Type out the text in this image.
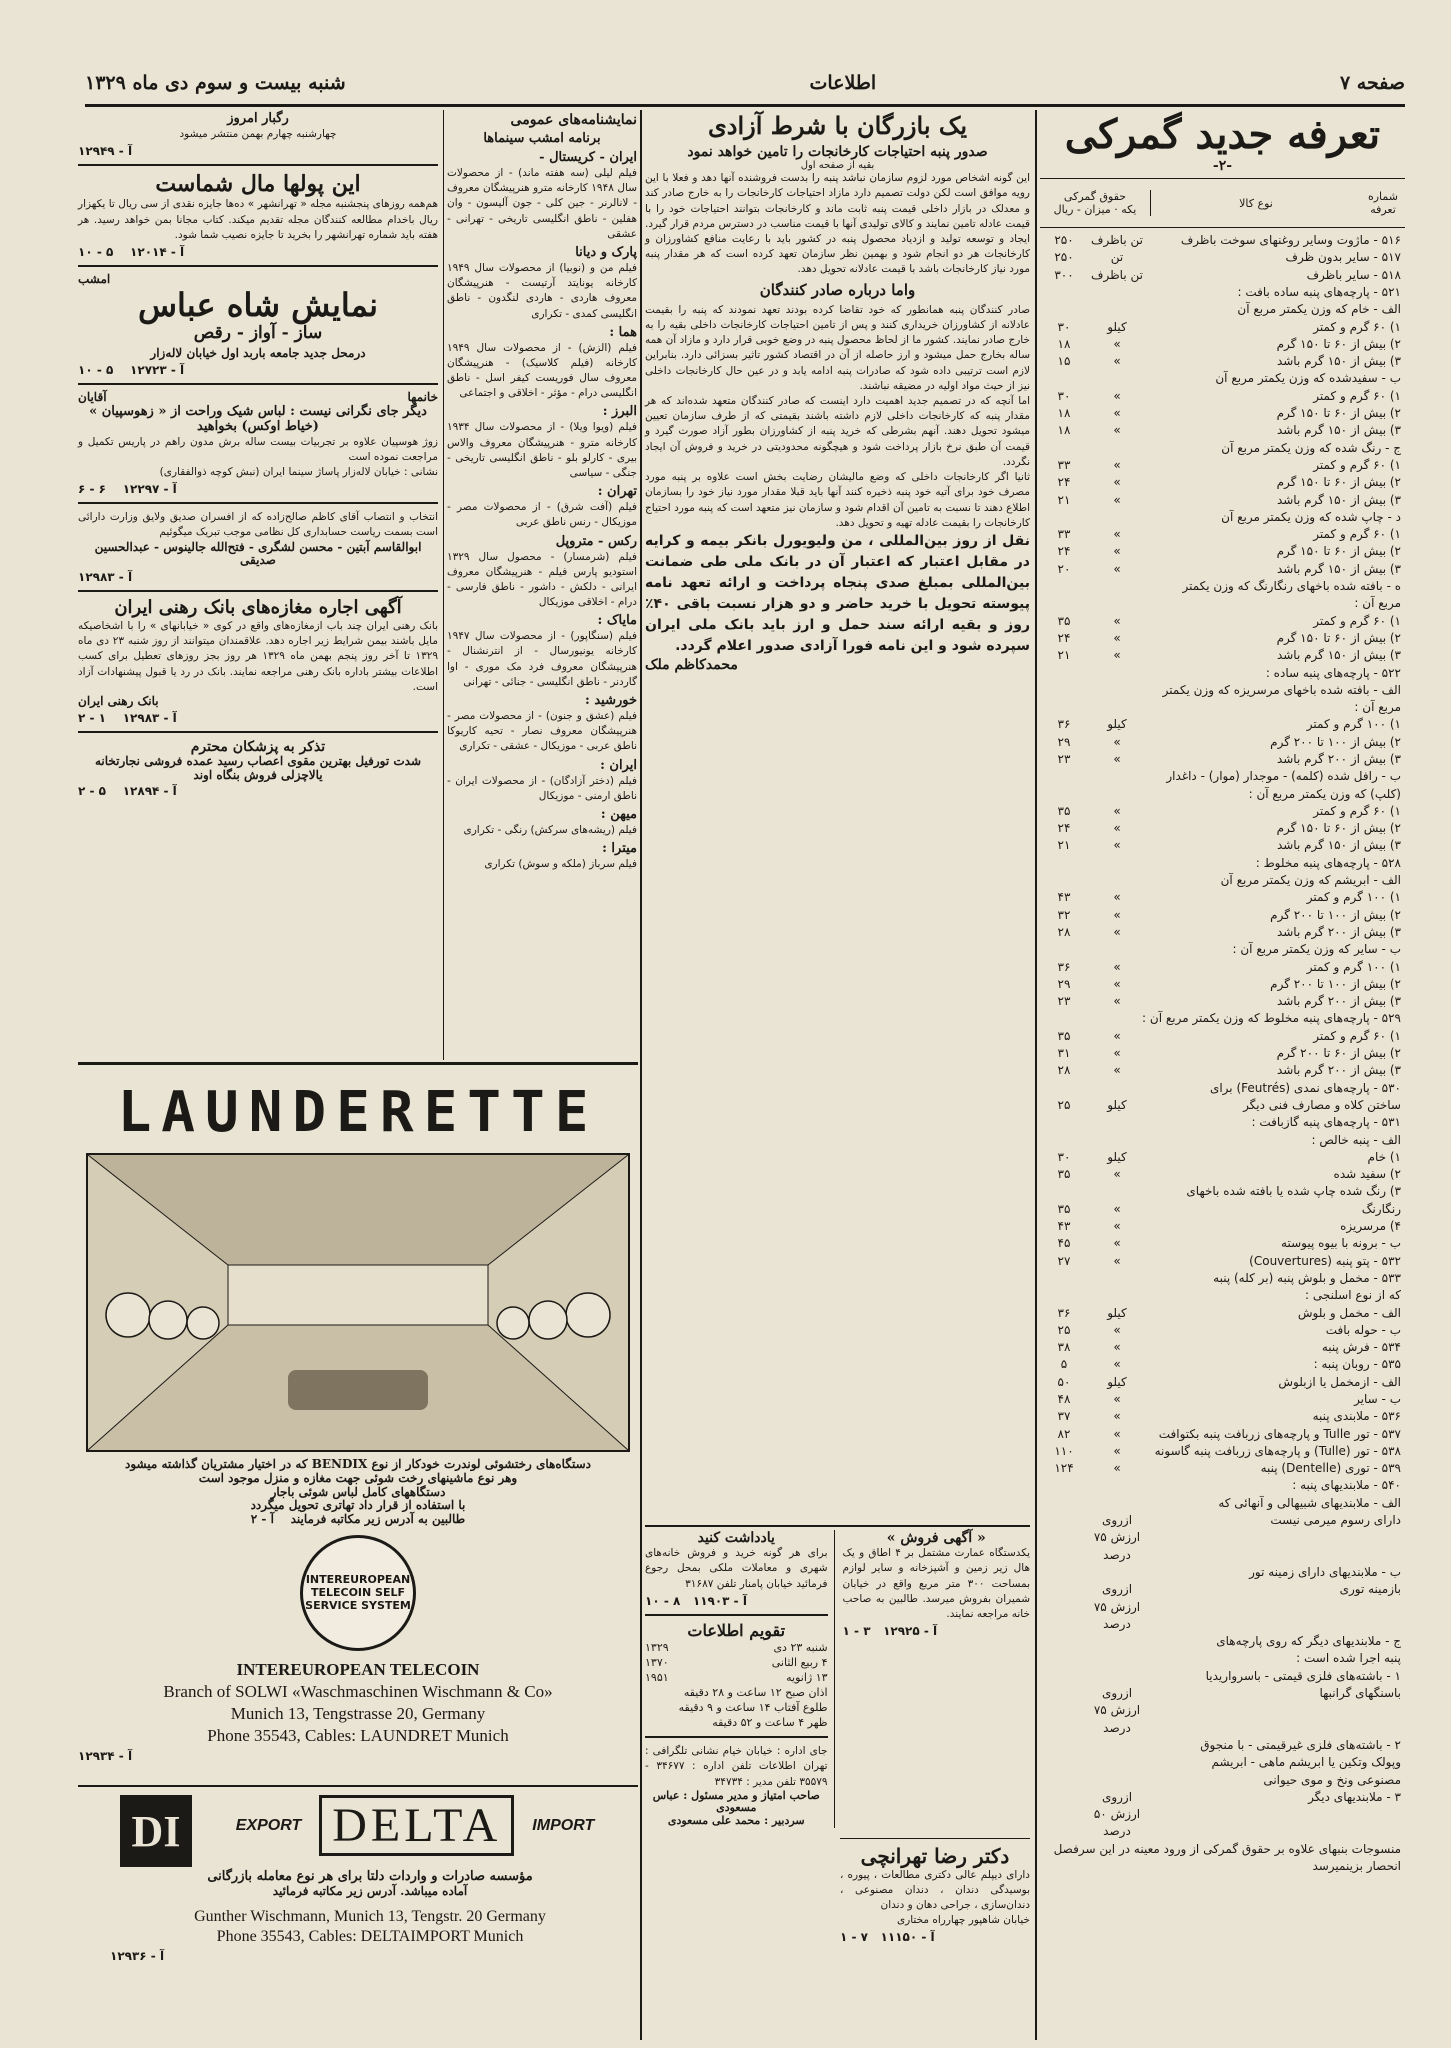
صفحه ۷
اطلاعات
شنبه بیست و سوم دی ماه ۱۳۲۹
تعرفه جدید گمرکی
-۲-
شماره تعرفه
نوع کالا
حقوق گمرکی
یکه · میزان - ریال
۵۱۶ - ماژوت وسایر روغنهای سوخت باظرف
تن باظرف
۲۵۰
۵۱۷ - سایر بدون ظرف
تن
۲۵۰
۵۱۸ - سایر باظرف
تن باظرف
۳۰۰
۵۲۱ - پارچه‌های پنبه ساده بافت :
الف - خام که وزن یکمتر مربع آن
۱) ۶۰ گرم و کمتر
کیلو
۳۰
۲) بیش از ۶۰ تا ۱۵۰ گرم
»
۱۸
۳) بیش از ۱۵۰ گرم باشد
»
۱۵
ب - سفیدشده که وزن یکمتر مربع آن
۱) ۶۰ گرم و کمتر
»
۳۰
۲) بیش از ۶۰ تا ۱۵۰ گرم
»
۱۸
۳) بیش از ۱۵۰ گرم باشد
»
۱۸
ج - رنگ شده که وزن یکمتر مربع آن
۱) ۶۰ گرم و کمتر
»
۳۳
۲) بیش از ۶۰ تا ۱۵۰ گرم
»
۲۴
۳) بیش از ۱۵۰ گرم باشد
»
۲۱
د - چاپ شده که وزن یکمتر مربع آن
۱) ۶۰ گرم و کمتر
»
۳۳
۲) بیش از ۶۰ تا ۱۵۰ گرم
»
۲۴
۳) بیش از ۱۵۰ گرم باشد
»
۲۰
ه - بافته شده باخهای رنگارنگ که وزن یکمتر
مربع آن :
۱) ۶۰ گرم و کمتر
»
۳۵
۲) بیش از ۶۰ تا ۱۵۰ گرم
»
۲۴
۳) بیش از ۱۵۰ گرم باشد
»
۲۱
۵۲۲ - پارچه‌های پنبه ساده :
الف - بافته شده باخهای مرسریزه که وزن یکمتر
مربع آن :
۱) ۱۰۰ گرم و کمتر
کیلو
۳۶
۲) بیش از ۱۰۰ تا ۲۰۰ گرم
»
۲۹
۳) بیش از ۲۰۰ گرم باشد
»
۲۳
ب - رافل شده (کلمه) - موجدار (موار) - داغدار
(کلپ) که وزن یکمتر مربع آن :
۱) ۶۰ گرم و کمتر
»
۳۵
۲) بیش از ۶۰ تا ۱۵۰ گرم
»
۲۴
۳) بیش از ۱۵۰ گرم باشد
»
۲۱
۵۲۸ - پارچه‌های پنبه مخلوط :
الف - ابریشم که وزن یکمتر مربع آن
۱) ۱۰۰ گرم و کمتر
»
۴۳
۲) بیش از ۱۰۰ تا ۲۰۰ گرم
»
۳۲
۳) بیش از ۲۰۰ گرم باشد
»
۲۸
ب - سایر که وزن یکمتر مربع آن :
۱) ۱۰۰ گرم و کمتر
»
۳۶
۲) بیش از ۱۰۰ تا ۲۰۰ گرم
»
۲۹
۳) بیش از ۲۰۰ گرم باشد
»
۲۳
۵۲۹ - پارچه‌های پنبه مخلوط که وزن یکمتر مربع آن :
۱) ۶۰ گرم و کمتر
»
۳۵
۲) بیش از ۶۰ تا ۲۰۰ گرم
»
۳۱
۳) بیش از ۲۰۰ گرم باشد
»
۲۸
۵۳۰ - پارچه‌های نمدی (Feutrés) برای
ساختن کلاه و مصارف فنی دیگر
کیلو
۲۵
۵۳۱ - پارچه‌های پنبه گازبافت :
الف - پنبه خالص :
۱) خام
کیلو
۳۰
۲) سفید شده
»
۳۵
۳) رنگ شده چاپ شده یا بافته شده باخهای
رنگارنگ
»
۳۵
۴) مرسریزه
»
۴۳
ب - برونه با بیوه پیوسته
»
۴۵
۵۳۲ - پتو پنبه (Couvertures)
»
۲۷
۵۳۳ - مخمل و بلوش پنبه (بر کله) پنبه
که از نوع اسلنجی :
الف - مخمل و بلوش
کیلو
۳۶
ب - حوله بافت
»
۲۵
۵۳۴ - فرش پنبه
»
۳۸
۵۳۵ - روبان پنبه :
»
۵
الف - ازمخمل یا ازبلوش
کیلو
۵۰
ب - سایر
»
۴۸
۵۳۶ - ملابندی پنبه
»
۳۷
۵۳۷ - تور Tulle و پارچه‌های زربافت پنبه بکتوافت
»
۸۲
۵۳۸ - تور (Tulle) و پارچه‌های زربافت پنبه گاسونه
»
۱۱۰
۵۳۹ - توری (Dentelle) پنبه
»
۱۲۴
۵۴۰ - ملابندیهای پنبه :
الف - ملابندیهای شبیهالی و آنهائی که
دارای رسوم میرمی نیست
ازروی ارزش ۷۵ درصد
ب - ملابندیهای دارای زمینه تور
بازمینه توری
ازروی ارزش ۷۵ درصد
ج - ملابندیهای دیگر که روی پارچه‌های
پنبه اجرا شده است :
۱ - باشته‌های فلزی قیمتی - باسرواریدیا
باسنگهای گرانبها
ازروی ارزش ۷۵ درصد
۲ - باشته‌های فلزی غیرقیمتی - با منجوق
وپولک وتکین یا ابریشم ماهی - ابریشم
مصنوعی ونخ و موی حیوانی
۳ - ملابندیهای دیگر
ازروی ارزش ۵۰ درصد
منسوجات بنبهای علاوه بر حقوق گمرکی از ورود معینه در این سرفصل
انحصار بزینمیرسد
یک بازرگان با شرط آزادی
صدور پنبه احتیاجات کارخانجات را تامین خواهد نمود
بقیه از صفحه اول

این گونه اشخاص مورد لزوم سازمان نباشد پنبه را بدست فروشنده آنها دهد و فعلا با این رویه موافق است لکن دولت تصمیم دارد مازاد احتیاجات کارخانجات را به خارج صادر کند و معدلک در بازار داخلی قیمت پنبه ثابت ماند و کارخانجات بتوانند احتیاجات خود را با قیمت عادله تامین نمایند و کالای تولیدی آنها با قیمت مناسب در دسترس مردم قرار گیرد. ایجاد و توسعه تولید و ازدیاد محصول پنبه در کشور باید با رعایت منافع کشاورزان و کارخانجات هر دو انجام شود و بهمین نظر سازمان تعهد کرده است که هر مقدار پنبه مورد نیاز کارخانجات باشد با قیمت عادلانه تحویل دهد.

واما درباره صادر کنندگان

صادر کنندگان پنبه همانطور که خود تقاضا کرده بودند تعهد نمودند که پنبه را بقیمت عادلانه از کشاورزان خریداری کنند و پس از تامین احتیاجات کارخانجات داخلی بقیه را به خارج صادر نمایند. کشور ما از لحاظ محصول پنبه در وضع خوبی قرار دارد و مازاد آن همه ساله بخارج حمل میشود و ارز حاصله از آن در اقتصاد کشور تاثیر بسزائی دارد. بنابراین لازم است ترتیبی داده شود که صادرات پنبه ادامه یابد و در عین حال کارخانجات داخلی نیز از حیث مواد اولیه در مضیقه نباشند.

اما آنچه که در تصمیم جدید اهمیت دارد اینست که صادر کنندگان متعهد شده‌اند که هر مقدار پنبه که کارخانجات داخلی لازم داشته باشند بقیمتی که از طرف سازمان تعیین میشود تحویل دهند. آنهم بشرطی که خرید پنبه از کشاورزان بطور آزاد صورت گیرد و قیمت آن طبق نرخ بازار پرداخت شود و هیچگونه محدودیتی در خرید و فروش آن ایجاد نگردد.

ثانیا اگر کارخانجات داخلی که وضع مالیشان رضایت بخش است علاوه بر پنبه مورد مصرف خود برای آتیه خود پنبه ذخیره کنند آنها باید قبلا مقدار مورد نیاز خود را بسازمان اطلاع دهند تا نسبت به تامین آن اقدام شود و سازمان نیز متعهد است که پنبه مورد احتیاج کارخانجات را بقیمت عادله تهیه و تحویل دهد.

نقل از روز بین‌المللی ، من ولیویورل بانکر بیمه و کرایه در مقابل اعتبار که اعتبار آن در بانک ملی طی ضمانت بین‌المللی بمبلغ صدی پنجاه پرداخت و ارائه تعهد نامه پیوسته تحویل با خرید حاضر و دو هزار نسبت باقی ۴۰٪ روز و بقیه ارائه سند حمل و ارز باید بانک ملی ایران سپرده شود و این نامه فورا آزادی صدور اعلام گردد.

محمدکاظم ملک
نمایشنامه‌های عمومی
برنامه امشب سینماها
ایران - کریستال -

فیلم لیلی (سه هفته ماند) - از محصولات سال ۱۹۴۸ کارخانه مترو هنرپیشگان معروف - لانالرنر - جین کلی - جون آلیسون - وان هفلین - ناطق انگلیسی تاریخی - تهرانی - عشقی

پارک و دیانا

فیلم من و (نوبیا) از محصولات سال ۱۹۴۹ کارخانه یونایتد آرتیست - هنرپیشگان معروف هاردی - هاردی لنگدون - ناطق انگلیسی کمدی - تکراری

هما :

فیلم (الزش) - از محصولات سال ۱۹۴۹ کارخانه (فیلم کلاسیک) - هنرپیشگان معروف سال فوریست کیفر اسل - ناطق انگلیسی درام - مؤثر - اخلاقی و اجتماعی

البرز :

فیلم (ویوا ویلا) - از محصولات سال ۱۹۳۴ کارخانه مترو - هنرپیشگان معروف والاس بیری - کارلو بلو - ناطق انگلیسی تاریخی - جنگی - سیاسی

تهران :

فیلم (آفت شرق) - از محصولات مصر - موزیکال - رنس ناطق عربی

رکس - متروپل

فیلم (شرمسار) - محصول سال ۱۳۲۹ استودیو پارس فیلم - هنرپیشگان معروف ایرانی - دلکش - داشور - ناطق فارسی - درام - اخلاقی موزیکال

مایاک :

فیلم (سنگاپور) - از محصولات سال ۱۹۴۷ کارخانه یونیورسال - از انترنشنال - هنرپیشگان معروف فرد مک موری - اوا گاردنر - ناطق انگلیسی - جنائی - تهرانی

خورشید :

فیلم (عشق و جنون) - از محصولات مصر - هنرپیشگان معروف نصار - تحیه کاریوکا ناطق عربی - موزیکال - عشقی - تکراری

ایران :

فیلم (دختر آزادگان) - از محصولات ایران - ناطق ارمنی - موزیکال

میهن :

فیلم (ریشه‌های سرکش) رنگی - تکراری

میترا :

فیلم سرباز (ملکه و سوش) تکراری

رگبار امروز
چهارشنبه چهارم بهمن منتشر میشود
آ - ۱۲۹۴۹
این پولها مال شماست

هم‌همه روزهای پنجشنبه مجله « تهرانشهر » ده‌ها جایزه نقدی از سی ریال تا یکهزار ریال باخدام مطالعه کنندگان مجله تقدیم میکند. کتاب مجانا بمن خواهد رسید. هر هفته باید شماره تهرانشهر را بخرید تا جایزه نصیب شما شود.

آ - ۱۲۰۱۴    ۵ - ۱۰
امشب
نمایش شاه عباس
ساز - آواز - رقص
درمحل جدید جامعه باربد اول خیابان لاله‌زار
آ - ۱۲۷۲۳    ۵ - ۱۰
خانمها
آقایان
دیگر جای نگرانی نیست : لباس شیک وراحت از « زهوسپیان » (خیاط اوکس) بخواهید

زوژ هوسپیان علاوه بر تجربیات بیست ساله برش مدون راهم در پاریس تکمیل و مراجعت نموده است

نشانی : خیابان لاله‌زار پاساژ سینما ایران (نبش کوچه ذوالفقاری)

آ - ۱۲۲۹۷    ۶ - ۶

انتخاب و انتصاب آقای کاظم صالح‌زاده که از افسران صدیق ولایق وزارت دارائی است بسمت ریاست حسابداری کل نظامی موجب تبریک میگوئیم

ابوالقاسم آبتین - محسن لشگری - فتح‌الله جالینوس - عبدالحسین صدیقی
آ - ۱۲۹۸۳
آگهی اجاره مغازه‌های بانک رهنی ایران

بانک رهنی ایران چند باب ازمغازه‌های واقع در کوی « خیابانهای » را با اشخاصیکه مایل باشند بیمن شرایط زیر اجاره دهد. علاقمندان میتوانند از روز شنبه ۲۳ دی ماه ۱۳۲۹ تا آخر روز پنجم بهمن ماه ۱۳۲۹ هر روز بجز روزهای تعطیل برای کسب اطلاعات بیشتر باداره بانک رهنی مراجعه نمایند. بانک در رد یا قبول پیشنهادات آزاد است.

بانک رهنی ایران
آ - ۱۲۹۸۳    ۱ - ۲
تذکر به پزشکان محترم
شدت تورفیل بهترین مقوی اعصاب رسید عمده فروشی نجارتخانه یالاچزلی فروش بنگاه اوند
آ - ۱۲۸۹۴    ۵ - ۲
LAUNDERETTE
دستگاه‌های رختشوئی لوندرت خودکار از نوع BENDIX که در اختیار مشتریان گذاشته میشود
وهر نوع ماشینهای رخت شوئی جهت مغازه و منزل موجود است
دستگاههای کامل لباس شوئی باجار
با استفاده از قرار داد تهاتری تحویل میگردد
طالبین به آدرس زیر مکاتبه فرمایند    آ - ۲
INTEREUROPEAN TELECOIN SELF SERVICE SYSTEM

INTEREUROPEAN TELECOIN

Branch of SOLWI «Waschmaschinen Wischmann & Co»

Munich 13, Tengstrasse 20, Germany

Phone 35543, Cables: LAUNDRET Munich

آ - ۱۲۹۳۴
DI	EXPORT DELTA	IMPORT
مؤسسه صادرات و واردات دلتا برای هر نوع معامله بازرگانی
آماده میباشد. آدرس زیر مکاتبه فرمائید

Gunther Wischmann, Munich 13, Tengstr. 20 Germany

Phone 35543, Cables: DELTAIMPORT Munich

آ - ۱۲۹۳۶
« آگهی فروش »

یکدستگاه عمارت مشتمل بر ۴ اطاق و یک هال زیر زمین و آشپزخانه و سایر لوازم بمساحت ۳۰۰ متر مربع واقع در خیابان شمیران بفروش میرسد. طالبین به صاحب خانه مراجعه نمایند.

آ - ۱۲۹۲۵   ۳ - ۱
یادداشت کنید

برای هر گونه خرید و فروش خانه‌های شهری و معاملات ملکی بمحل رجوع فرمائید خیابان پامنار تلفن ۳۱۶۸۷

آ - ۱۱۹۰۳   ۸ - ۱۰
تقویم اطلاعات
شنبه ۲۳ دی
۱۳۲۹
۴ ربیع الثانی
۱۳۷۰
۱۳ ژانویه
۱۹۵۱
اذان صبح ۱۲ ساعت و ۲۸ دقیقه
طلوع آفتاب ۱۴ ساعت و ۹ دقیقه
ظهر ۴ ساعت و ۵۲ دقیقه

جای اداره : خیابان خیام نشانی تلگرافی : تهران اطلاعات تلفن اداره : ۳۴۶۷۷ - ۳۵۵۷۹ تلفن مدیر : ۳۴۷۳۴

صاحب امتیاز و مدیر مسئول : عباس مسعودی
سردبیر : محمد علی مسعودی
دکتر رضا تهرانچی

دارای دیپلم عالی دکتری مطالعات ، پیوره ، بوسیدگی دندان ، دندان مصنوعی ، دندان‌سازی ، جراحی دهان و دندان

خیابان شاهپور چهارراه مختاری

آ - ۱۱۱۵۰   ۷ - ۱
